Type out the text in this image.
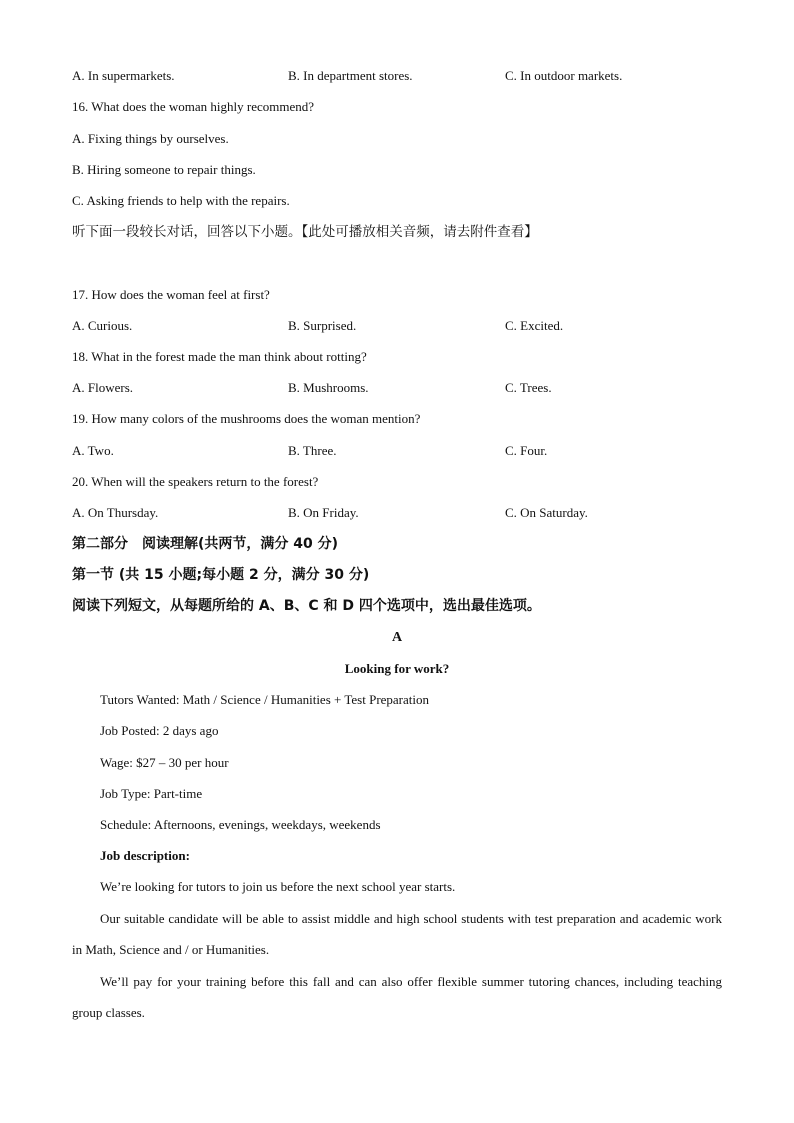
A. In supermarkets.	B. In department stores.	C. In outdoor markets.
16. What does the woman highly recommend?
A. Fixing things by ourselves.
B. Hiring someone to repair things.
C. Asking friends to help with the repairs.
听下面一段较长对话，回答以下小题。【此处可播放相关音频，请去附件查看】
17. How does the woman feel at first?
A. Curious.	B. Surprised.	C. Excited.
18. What in the forest made the man think about rotting?
A. Flowers.	B. Mushrooms.	C. Trees.
19. How many colors of the mushrooms does the woman mention?
A. Two.	B. Three.	C. Four.
20. When will the speakers return to the forest?
A. On Thursday.	B. On Friday.	C. On Saturday.
第二部分　阅读理解(共两节，满分 40 分)
第一节 (共 15 小题;每小题 2 分，满分 30 分)
阅读下列短文，从每题所给的 A、B、C 和 D 四个选项中，选出最佳选项。
A
Looking for work?
Tutors Wanted: Math / Science / Humanities + Test Preparation
Job Posted: 2 days ago
Wage: $27 – 30 per hour
Job Type: Part-time
Schedule: Afternoons, evenings, weekdays, weekends
Job description:
We’re looking for tutors to join us before the next school year starts.
Our suitable candidate will be able to assist middle and high school students with test preparation and academic work in Math, Science and / or Humanities.
We’ll pay for your training before this fall and can also offer flexible summer tutoring chances, including teaching group classes.
